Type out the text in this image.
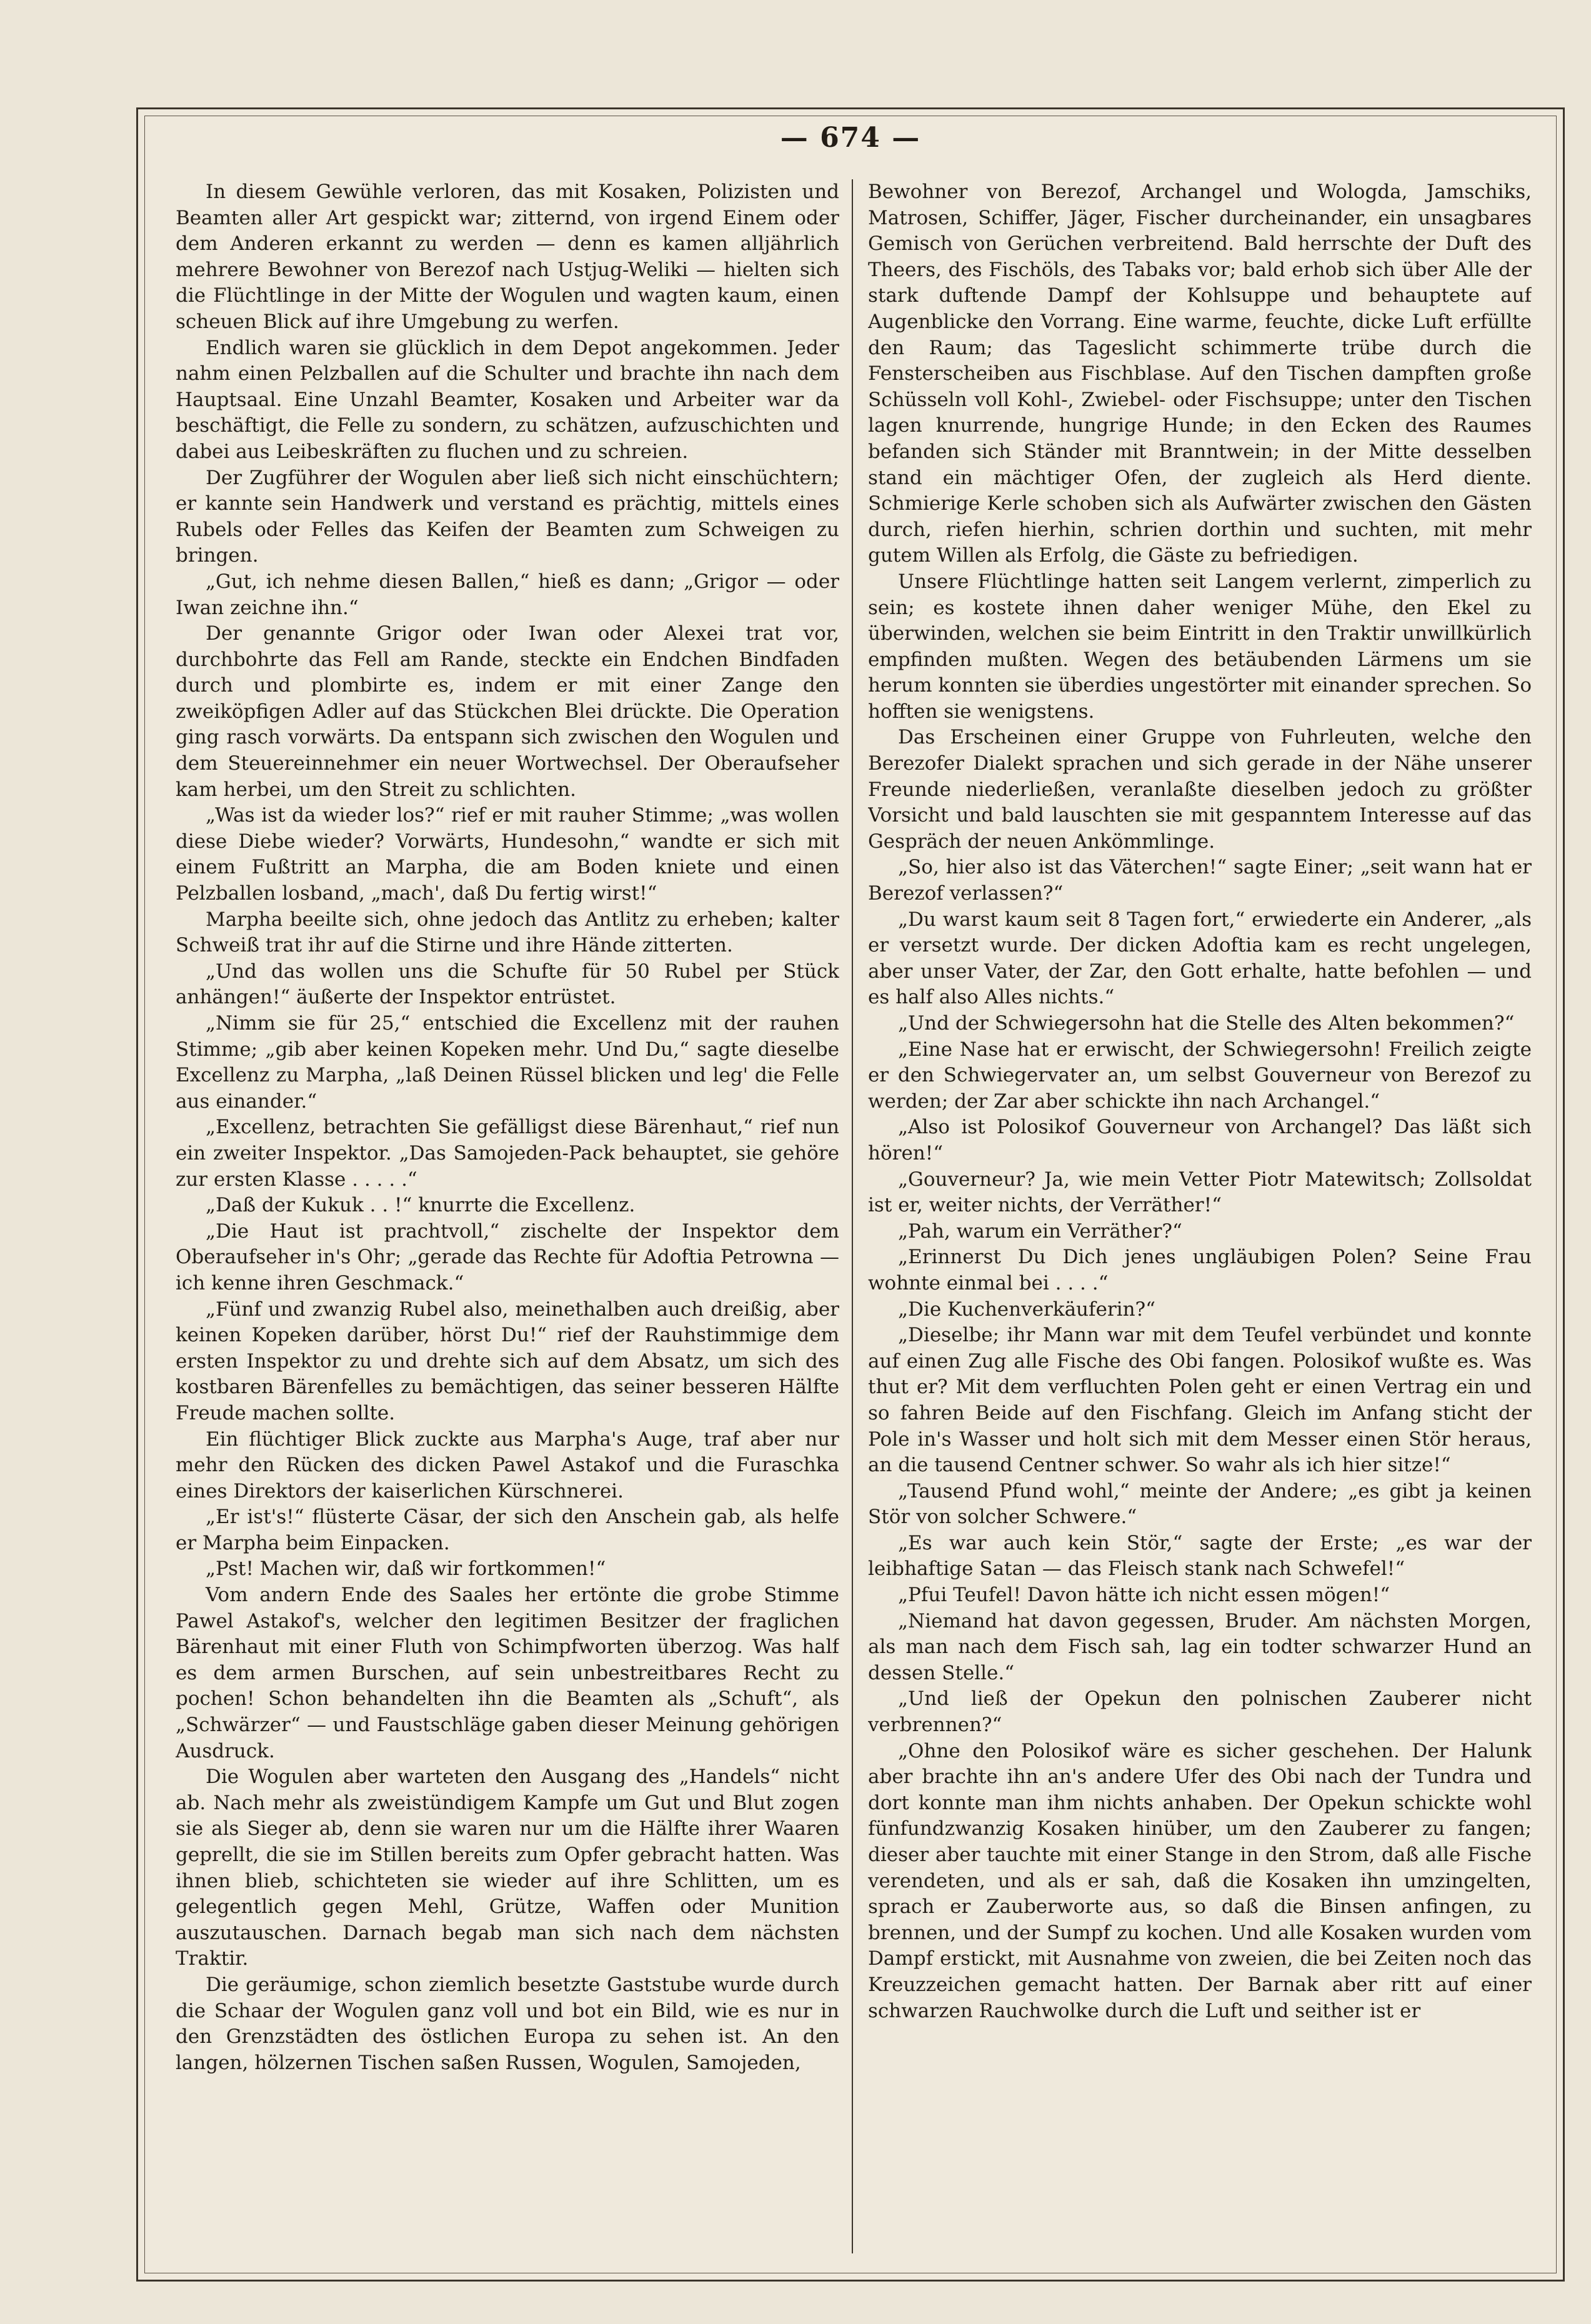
— 674 —

In diesem Gewühle verloren, das mit Kosaken, Polizisten und Beamten aller Art gespickt war; zitternd, von irgend Einem oder dem Anderen erkannt zu werden — denn es kamen alljährlich mehrere Bewohner von Berezof nach Ustjug-Weliki — hielten sich die Flüchtlinge in der Mitte der Wogulen und wagten kaum, einen scheuen Blick auf ihre Umgebung zu werfen.

Endlich waren sie glücklich in dem Depot angekommen. Jeder nahm einen Pelzballen auf die Schulter und brachte ihn nach dem Hauptsaal. Eine Unzahl Beamter, Kosaken und Arbeiter war da beschäftigt, die Felle zu sondern, zu schätzen, aufzuschichten und dabei aus Leibeskräften zu fluchen und zu schreien.

Der Zugführer der Wogulen aber ließ sich nicht einschüchtern; er kannte sein Handwerk und verstand es prächtig, mittels eines Rubels oder Felles das Keifen der Beamten zum Schweigen zu bringen.

„Gut, ich nehme diesen Ballen,“ hieß es dann; „Grigor — oder Iwan zeichne ihn.“

Der genannte Grigor oder Iwan oder Alexei trat vor, durchbohrte das Fell am Rande, steckte ein Endchen Bindfaden durch und plombirte es, indem er mit einer Zange den zweiköpfigen Adler auf das Stückchen Blei drückte. Die Operation ging rasch vorwärts. Da entspann sich zwischen den Wogulen und dem Steuereinnehmer ein neuer Wortwechsel. Der Oberaufseher kam herbei, um den Streit zu schlichten.

„Was ist da wieder los?“ rief er mit rauher Stimme; „was wollen diese Diebe wieder? Vorwärts, Hundesohn,“ wandte er sich mit einem Fußtritt an Marpha, die am Boden kniete und einen Pelzballen losband, „mach', daß Du fertig wirst!“

Marpha beeilte sich, ohne jedoch das Antlitz zu erheben; kalter Schweiß trat ihr auf die Stirne und ihre Hände zitterten.

„Und das wollen uns die Schufte für 50 Rubel per Stück anhängen!“ äußerte der Inspektor entrüstet.

„Nimm sie für 25,“ entschied die Excellenz mit der rauhen Stimme; „gib aber keinen Kopeken mehr. Und Du,“ sagte dieselbe Excellenz zu Marpha, „laß Deinen Rüssel blicken und leg' die Felle aus einander.“

„Excellenz, betrachten Sie gefälligst diese Bärenhaut,“ rief nun ein zweiter Inspektor. „Das Samojeden-Pack behauptet, sie gehöre zur ersten Klasse . . . . .“

„Daß der Kukuk . . !“ knurrte die Excellenz.

„Die Haut ist prachtvoll,“ zischelte der Inspektor dem Oberaufseher in's Ohr; „gerade das Rechte für Adoftia Petrowna — ich kenne ihren Geschmack.“

„Fünf und zwanzig Rubel also, meinethalben auch dreißig, aber keinen Kopeken darüber, hörst Du!“ rief der Rauhstimmige dem ersten Inspektor zu und drehte sich auf dem Absatz, um sich des kostbaren Bärenfelles zu bemächtigen, das seiner besseren Hälfte Freude machen sollte.

Ein flüchtiger Blick zuckte aus Marpha's Auge, traf aber nur mehr den Rücken des dicken Pawel Astakof und die Furaschka eines Direktors der kaiserlichen Kürschnerei.

„Er ist's!“ flüsterte Cäsar, der sich den Anschein gab, als helfe er Marpha beim Einpacken.

„Pst! Machen wir, daß wir fortkommen!“

Vom andern Ende des Saales her ertönte die grobe Stimme Pawel Astakof's, welcher den legitimen Besitzer der fraglichen Bärenhaut mit einer Fluth von Schimpfworten überzog. Was half es dem armen Burschen, auf sein unbestreitbares Recht zu pochen! Schon behandelten ihn die Beamten als „Schuft“, als „Schwärzer“ — und Faustschläge gaben dieser Meinung gehörigen Ausdruck.

Die Wogulen aber warteten den Ausgang des „Handels“ nicht ab. Nach mehr als zweistündigem Kampfe um Gut und Blut zogen sie als Sieger ab, denn sie waren nur um die Hälfte ihrer Waaren geprellt, die sie im Stillen bereits zum Opfer gebracht hatten. Was ihnen blieb, schichteten sie wieder auf ihre Schlitten, um es gelegentlich gegen Mehl, Grütze, Waffen oder Munition auszutauschen. Darnach begab man sich nach dem nächsten Traktir.

Die geräumige, schon ziemlich besetzte Gaststube wurde durch die Schaar der Wogulen ganz voll und bot ein Bild, wie es nur in den Grenzstädten des östlichen Europa zu sehen ist. An den langen, hölzernen Tischen saßen Russen, Wogulen, Samojeden,

Bewohner von Berezof, Archangel und Wologda, Jamschiks, Matrosen, Schiffer, Jäger, Fischer durcheinander, ein unsagbares Gemisch von Gerüchen verbreitend. Bald herrschte der Duft des Theers, des Fischöls, des Tabaks vor; bald erhob sich über Alle der stark duftende Dampf der Kohlsuppe und behauptete auf Augenblicke den Vorrang. Eine warme, feuchte, dicke Luft erfüllte den Raum; das Tageslicht schimmerte trübe durch die Fensterscheiben aus Fischblase. Auf den Tischen dampften große Schüsseln voll Kohl-, Zwiebel- oder Fischsuppe; unter den Tischen lagen knurrende, hungrige Hunde; in den Ecken des Raumes befanden sich Ständer mit Branntwein; in der Mitte desselben stand ein mächtiger Ofen, der zugleich als Herd diente. Schmierige Kerle schoben sich als Aufwärter zwischen den Gästen durch, riefen hierhin, schrien dorthin und suchten, mit mehr gutem Willen als Erfolg, die Gäste zu befriedigen.

Unsere Flüchtlinge hatten seit Langem verlernt, zimperlich zu sein; es kostete ihnen daher weniger Mühe, den Ekel zu überwinden, welchen sie beim Eintritt in den Traktir unwillkürlich empfinden mußten. Wegen des betäubenden Lärmens um sie herum konnten sie überdies ungestörter mit einander sprechen. So hofften sie wenigstens.

Das Erscheinen einer Gruppe von Fuhrleuten, welche den Berezofer Dialekt sprachen und sich gerade in der Nähe unserer Freunde niederließen, veranlaßte dieselben jedoch zu größter Vorsicht und bald lauschten sie mit gespanntem Interesse auf das Gespräch der neuen Ankömmlinge.

„So, hier also ist das Väterchen!“ sagte Einer; „seit wann hat er Berezof verlassen?“

„Du warst kaum seit 8 Tagen fort,“ erwiederte ein Anderer, „als er versetzt wurde. Der dicken Adoftia kam es recht ungelegen, aber unser Vater, der Zar, den Gott erhalte, hatte befohlen — und es half also Alles nichts.“

„Und der Schwiegersohn hat die Stelle des Alten bekommen?“

„Eine Nase hat er erwischt, der Schwiegersohn! Freilich zeigte er den Schwiegervater an, um selbst Gouverneur von Berezof zu werden; der Zar aber schickte ihn nach Archangel.“

„Also ist Polosikof Gouverneur von Archangel? Das läßt sich hören!“

„Gouverneur? Ja, wie mein Vetter Piotr Matewitsch; Zollsoldat ist er, weiter nichts, der Verräther!“

„Pah, warum ein Verräther?“

„Erinnerst Du Dich jenes ungläubigen Polen? Seine Frau wohnte einmal bei . . . .“

„Die Kuchenverkäuferin?“

„Dieselbe; ihr Mann war mit dem Teufel verbündet und konnte auf einen Zug alle Fische des Obi fangen. Polosikof wußte es. Was thut er? Mit dem verfluchten Polen geht er einen Vertrag ein und so fahren Beide auf den Fischfang. Gleich im Anfang sticht der Pole in's Wasser und holt sich mit dem Messer einen Stör heraus, an die tausend Centner schwer. So wahr als ich hier sitze!“

„Tausend Pfund wohl,“ meinte der Andere; „es gibt ja keinen Stör von solcher Schwere.“

„Es war auch kein Stör,“ sagte der Erste; „es war der leibhaftige Satan — das Fleisch stank nach Schwefel!“

„Pfui Teufel! Davon hätte ich nicht essen mögen!“

„Niemand hat davon gegessen, Bruder. Am nächsten Morgen, als man nach dem Fisch sah, lag ein todter schwarzer Hund an dessen Stelle.“

„Und ließ der Opekun den polnischen Zauberer nicht verbrennen?“

„Ohne den Polosikof wäre es sicher geschehen. Der Halunk aber brachte ihn an's andere Ufer des Obi nach der Tundra und dort konnte man ihm nichts anhaben. Der Opekun schickte wohl fünfundzwanzig Kosaken hinüber, um den Zauberer zu fangen; dieser aber tauchte mit einer Stange in den Strom, daß alle Fische verendeten, und als er sah, daß die Kosaken ihn umzingelten, sprach er Zauberworte aus, so daß die Binsen anfingen, zu brennen, und der Sumpf zu kochen. Und alle Kosaken wurden vom Dampf erstickt, mit Ausnahme von zweien, die bei Zeiten noch das Kreuzzeichen gemacht hatten. Der Barnak aber ritt auf einer schwarzen Rauchwolke durch die Luft und seither ist er
